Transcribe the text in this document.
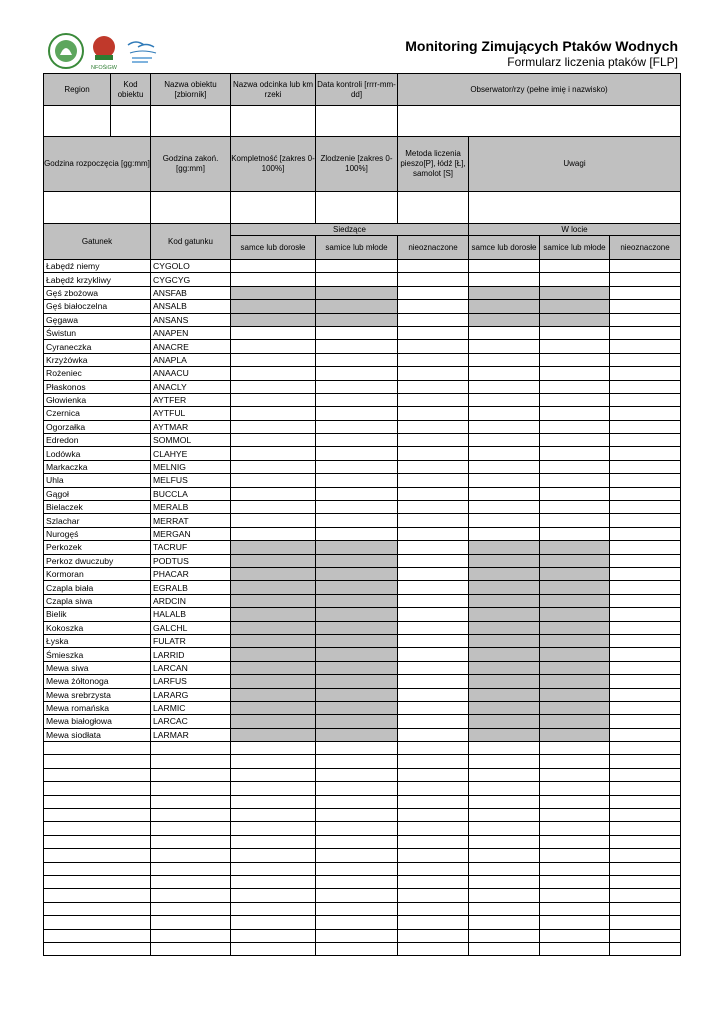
NFOŚiGW
Monitoring Zimujących Ptaków Wodnych
Formularz liczenia ptaków [FLP]
Region	Kod obiektu	Nazwa obiektu [zbiornik]	Nazwa odcinka lub km rzeki	Data kontroli [rrrr-mm-dd]	Obserwator/rzy (pełne imię i nazwisko)			

Godzina rozpoczęcia [gg:mm]		Godzina zakoń. [gg:mm]	Kompletność [zakres 0-100%]	Zlodzenie [zakres 0-100%]	Metoda liczenia pieszo[P], łódź [Ł], samolot [S]	Uwagi		

Gatunek		Kod gatunku	Siedzące			W locie		
			samce lub dorosłe	samice lub młode	nieoznaczone	samce lub dorosłe	samice lub młode	nieoznaczone
Łabędź niemy		CYGOLO						
Łabędź krzykliwy		CYGCYG						
Gęś zbożowa		ANSFAB						
Gęś białoczelna		ANSALB						
Gęgawa		ANSANS						
Świstun		ANAPEN						
Cyraneczka		ANACRE						
Krzyżówka		ANAPLA						
Rożeniec		ANAACU						
Płaskonos		ANACLY						
Głowienka		AYTFER						
Czernica		AYTFUL						
Ogorzałka		AYTMAR						
Edredon		SOMMOL						
Lodówka		CLAHYE						
Markaczka		MELNIG						
Uhla		MELFUS						
Gągoł		BUCCLA						
Bielaczek		MERALB						
Szlachar		MERRAT						
Nurogęś		MERGAN						
Perkozek		TACRUF						
Perkoz dwuczuby		PODTUS						
Kormoran		PHACAR						
Czapla biała		EGRALB						
Czapla siwa		ARDCIN						
Bielik		HALALB						
Kokoszka		GALCHL						
Łyska		FULATR						
Śmieszka		LARRID						
Mewa siwa		LARCAN						
Mewa żółtonoga		LARFUS						
Mewa srebrzysta		LARARG						
Mewa romańska		LARMIC						
Mewa białogłowa		LARCAC						
Mewa siodłata		LARMAR						
